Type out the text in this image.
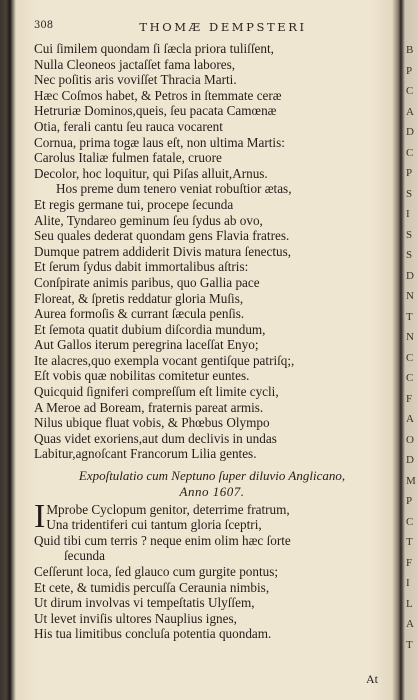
308	THOMÆ DEMPSTERI
Cui ſimilem quondam ſi ſæcla priora tuliſſent,
Nulla Cleoneos jactaſſet fama labores,
Nec poſitis aris voviſſet Thracia Marti.
Hæc Coſmos habet, & Petros in ſtemmate ceræ
Hetruriæ Dominos,queis, ſeu pacata Camœnæ
Otia, ferali cantu ſeu rauca vocarent
Cornua, prima togæ laus eſt, non ultima Martis:
Carolus Italiæ fulmen fatale, cruore
Decolor, hoc loquitur, qui Piſas alluit,Arnus.
Hos preme dum tenero veniat robuſtior ætas,
Et regis germane tui, procepe ſecunda
Alite, Tyndareo geminum ſeu ſydus ab ovo,
Seu quales dederat quondam gens Flavia fratres.
Dumque patrem addiderit Divis matura ſenectus,
Et ſerum ſydus dabit immortalibus aſtris:
Conſpirate animis paribus, quo Gallia pace
Floreat, & ſpretis reddatur gloria Muſis,
Aurea formoſis & currant ſæcula penſis.
Et ſemota quatit dubium diſcordia mundum,
Aut Gallos iterum peregrina laceſſat Enyo;
Ite alacres,quo exempla vocant gentiſque patriſq;,
Eſt vobis quæ nobilitas comitetur euntes.
Quicquid ſigniferi compreſſum eſt limite cycli,
A Meroe ad Boream, fraternis pareat armis.
Nilus ubique fluat vobis, & Phœbus Olympo
Quas videt exoriens,aut dum declivis in undas
Labitur,agnoſcant Francorum Lilia gentes.
Expoſtulatio cum Neptuno ſuper diluvio Anglicano,
Anno 1607.
I Mprobe Cyclopum genitor, deterrime fratrum,
Una tridentiferi cui tantum gloria ſceptri,
Quid tibi cum terris ? neque enim olim hæc ſorte
ſecunda
Ceſſerunt loca, ſed glauco cum gurgite pontus;
Et cete, & tumidis percuſſa Ceraunia nimbis,
Ut dirum involvas vi tempeſtatis Ulyſſem,
Ut levet inviſis ultores Nauplius ignes,
His tua limitibus concluſa potentia quondam.
At
B
P
C
A
D
C
P
S
I
S
S
D
N
T
N
C
C
F
A
O
D
M
P
C
T
F
I
L
A
T
